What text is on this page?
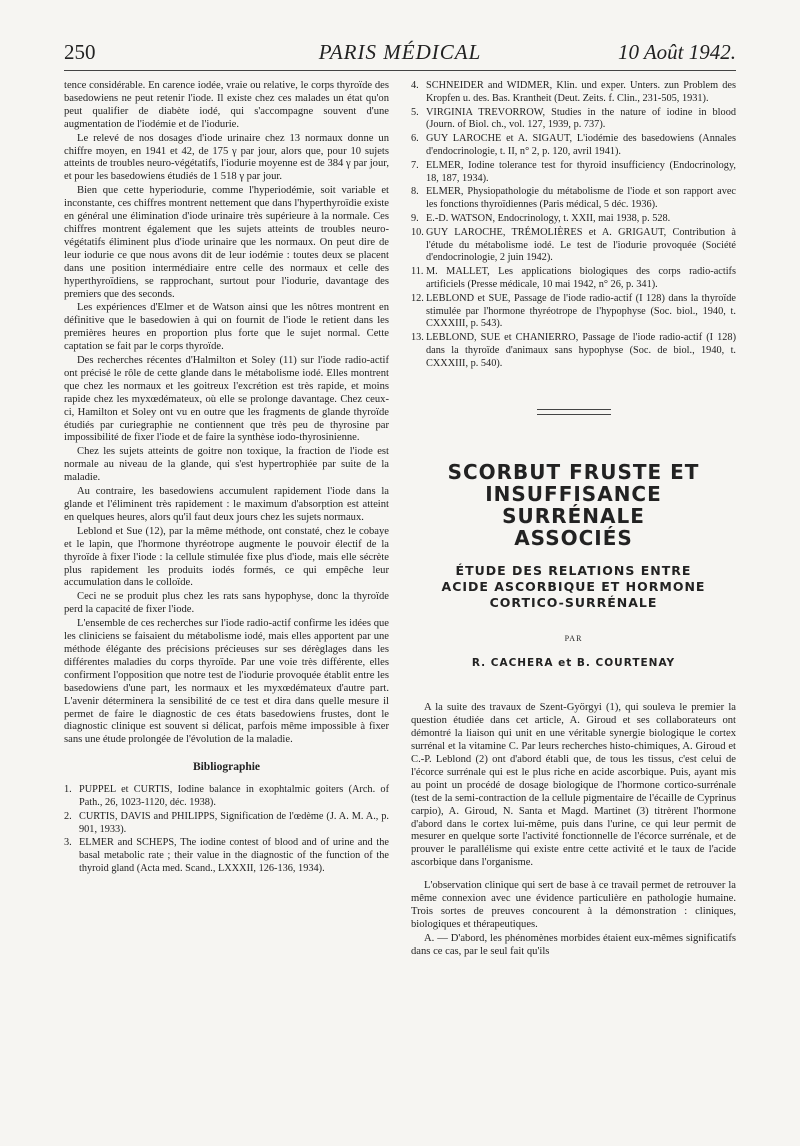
250	PARIS MÉDICAL	10 Août 1942.

tence considérable. En carence iodée, vraie ou relative, le corps thyroïde des basedowiens ne peut retenir l'iode. Il existe chez ces malades un état qu'on peut qualifier de diabète iodé, qui s'accompagne souvent d'une augmentation de l'iodémie et de l'iodurie.

Le relevé de nos dosages d'iode urinaire chez 13 normaux donne un chiffre moyen, en 1941 et 42, de 175 γ par jour, alors que, pour 10 sujets atteints de troubles neuro-végétatifs, l'iodurie moyenne est de 384 γ par jour, et pour les basedowiens étudiés de 1 518 γ par jour.

Bien que cette hyperiodurie, comme l'hyperiodémie, soit variable et inconstante, ces chiffres montrent nettement que dans l'hyperthyroïdie existe en général une élimination d'iode urinaire très supérieure à la normale. Ces chiffres montrent également que les sujets atteints de troubles neuro-végétatifs éliminent plus d'iode urinaire que les normaux. On peut dire de leur iodurie ce que nous avons dit de leur iodémie : toutes deux se placent dans une position intermédiaire entre celle des normaux et celle des hyperthyroïdiens, se rapprochant, surtout pour l'iodurie, davantage des premiers que des seconds.

Les expériences d'Elmer et de Watson ainsi que les nôtres montrent en définitive que le basedowien à qui on fournit de l'iode le retient dans les premières heures en proportion plus forte que le sujet normal. Cette captation se fait par le corps thyroïde.

Des recherches récentes d'Halmilton et Soley (11) sur l'iode radio-actif ont précisé le rôle de cette glande dans le métabolisme iodé. Elles montrent que chez les normaux et les goitreux l'excrétion est très rapide, et moins rapide chez les myxœdémateux, où elle se prolonge davantage. Chez ceux-ci, Hamilton et Soley ont vu en outre que les fragments de glande thyroïde étudiés par curiegraphie ne contiennent que très peu de thyrosine par impossibilité de fixer l'iode et de faire la synthèse iodo-thyrosinienne.

Chez les sujets atteints de goitre non toxique, la fraction de l'iode est normale au niveau de la glande, qui s'est hypertrophiée par suite de la maladie.

Au contraire, les basedowiens accumulent rapidement l'iode dans la glande et l'éliminent très rapidement : le maximum d'absorption est atteint en quelques heures, alors qu'il faut deux jours chez les sujets normaux.

Leblond et Sue (12), par la même méthode, ont constaté, chez le cobaye et le lapin, que l'hormone thyréotrope augmente le pouvoir électif de la thyroïde à fixer l'iode : la cellule stimulée fixe plus d'iode, mais elle sécrète plus rapidement les produits iodés formés, ce qui empêche leur accumulation dans le colloïde.

Ceci ne se produit plus chez les rats sans hypophyse, donc la thyroïde perd la capacité de fixer l'iode.

L'ensemble de ces recherches sur l'iode radio-actif confirme les idées que les cliniciens se faisaient du métabolisme iodé, mais elles apportent par une méthode élégante des précisions précieuses sur ses dérèglages dans les différentes maladies du corps thyroïde. Par une voie très différente, elles confirment l'opposition que notre test de l'iodurie provoquée établit entre les basedowiens d'une part, les normaux et les myxœdémateux d'autre part. L'avenir déterminera la sensibilité de ce test et dira dans quelle mesure il permet de faire le diagnostic de ces états basedowiens frustes, dont le diagnostic clinique est souvent si délicat, parfois même impossible à fixer sans une étude prolongée de l'évolution de la maladie.

Bibliographie
1. PUPPEL et CURTIS, Iodine balance in exophtalmic goiters (Arch. of Path., 26, 1023-1120, déc. 1938).
2. CURTIS, DAVIS and PHILIPPS, Signification de l'œdème (J. A. M. A., p. 901, 1933).
3. ELMER and SCHEPS, The iodine contest of blood and of urine and the basal metabolic rate ; their value in the diagnostic of the function of the thyroid gland (Acta med. Scand., LXXXII, 126-136, 1934).
4. SCHNEIDER and WIDMER, Klin. und exper. Unters. zun Problem des Kropfen u. des. Bas. Krantheit (Deut. Zeits. f. Clin., 231-505, 1931).
5. VIRGINIA TREVORROW, Studies in the nature of iodine in blood (Journ. of Biol. ch., vol. 127, 1939, p. 737).
6. GUY LAROCHE et A. SIGAUT, L'iodémie des basedowiens (Annales d'endocrinologie, t. II, n° 2, p. 120, avril 1941).
7. ELMER, Iodine tolerance test for thyroid insufficiency (Endocrinology, 18, 187, 1934).
8. ELMER, Physiopathologie du métabolisme de l'iode et son rapport avec les fonctions thyroïdiennes (Paris médical, 5 déc. 1936).
9. E.-D. WATSON, Endocrinology, t. XXII, mai 1938, p. 528.
10. GUY LAROCHE, TRÉMOLIÈRES et A. GRIGAUT, Contribution à l'étude du métabolisme iodé. Le test de l'iodurie provoquée (Société d'endocrinologie, 2 juin 1942).
11. M. MALLET, Les applications biologiques des corps radio-actifs artificiels (Presse médicale, 10 mai 1942, n° 26, p. 341).
12. LEBLOND et SUE, Passage de l'iode radio-actif (I 128) dans la thyroïde stimulée par l'hormone thyréotrope de l'hypophyse (Soc. biol., 1940, t. CXXXIII, p. 543).
13. LEBLOND, SUE et CHANIERRO, Passage de l'iode radio-actif (I 128) dans la thyroïde d'animaux sans hypophyse (Soc. de biol., 1940, t. CXXXIII, p. 540).
SCORBUT FRUSTE ET
INSUFFISANCE SURRÉNALE
ASSOCIÉS
ÉTUDE DES RELATIONS ENTRE
ACIDE ASCORBIQUE ET HORMONE
CORTICO-SURRÉNALE
PAR
R. CACHERA et B. COURTENAY

A la suite des travaux de Szent-Györgyi (1), qui souleva le premier la question étudiée dans cet article, A. Giroud et ses collaborateurs ont démontré la liaison qui unit en une véritable synergie biologique le cortex surrénal et la vitamine C. Par leurs recherches histo-chimiques, A. Giroud et C.-P. Leblond (2) ont d'abord établi que, de tous les tissus, c'est celui de l'écorce surrénale qui est le plus riche en acide ascorbique. Puis, ayant mis au point un procédé de dosage biologique de l'hormone cortico-surrénale (test de la semi-contraction de la cellule pigmentaire de l'écaille de Cyprinus carpio), A. Giroud, N. Santa et Magd. Martinet (3) titrèrent l'hormone d'abord dans le cortex lui-même, puis dans l'urine, ce qui leur permit de mesurer en quelque sorte l'activité fonctionnelle de l'écorce surrénale, et de prouver le parallélisme qui existe entre cette activité et le taux de l'acide ascorbique dans l'organisme.

L'observation clinique qui sert de base à ce travail permet de retrouver la même connexion avec une évidence particulière en pathologie humaine. Trois sortes de preuves concourent à la démonstration : cliniques, biologiques et thérapeutiques.

A. — D'abord, les phénomènes morbides étaient eux-mêmes significatifs dans ce cas, par le seul fait qu'ils
